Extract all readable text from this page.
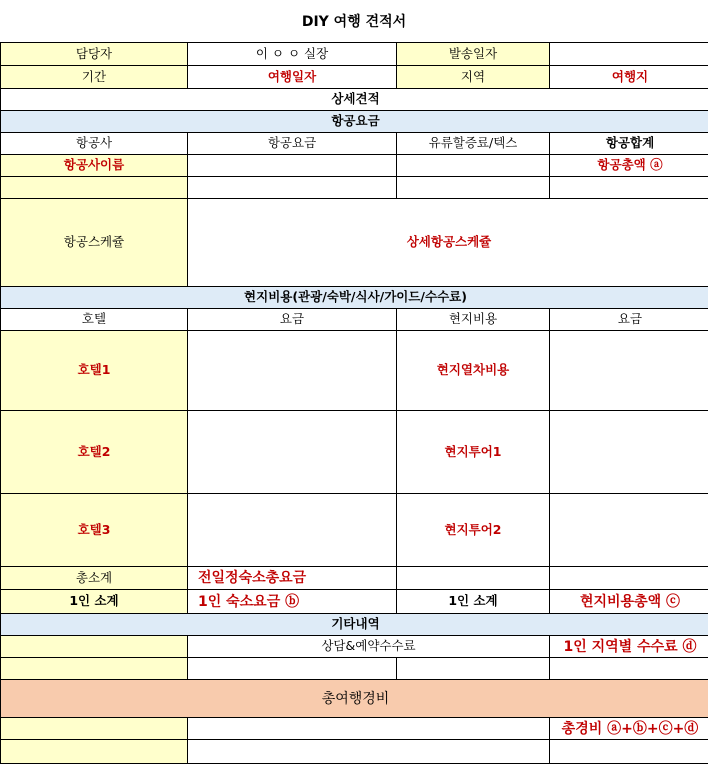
DIY 여행 견적서
담당자	이 ㅇ ㅇ 실장	발송일자	
기간	여행일자	지역	여행지
상세견적			
항공요금			
항공사	항공요금	유류할증료/텍스	항공합계
항공사이름			항공총액 ⓐ

항공스케쥴	상세항공스케쥴		
현지비용(관광/숙박/식사/가이드/수수료)			
호텔	요금	현지비용	요금
호텔1		현지열차비용	
호텔2		현지투어1	
호텔3		현지투어2	
총소계	전일정숙소총요금		
1인 소계	1인 숙소요금 ⓑ	1인 소계	현지비용총액 ⓒ
기타내역			
	상담&예약수수료		1인 지역별 수수료 ⓓ

총여행경비			
			총경비 ⓐ+ⓑ+ⓒ+ⓓ
